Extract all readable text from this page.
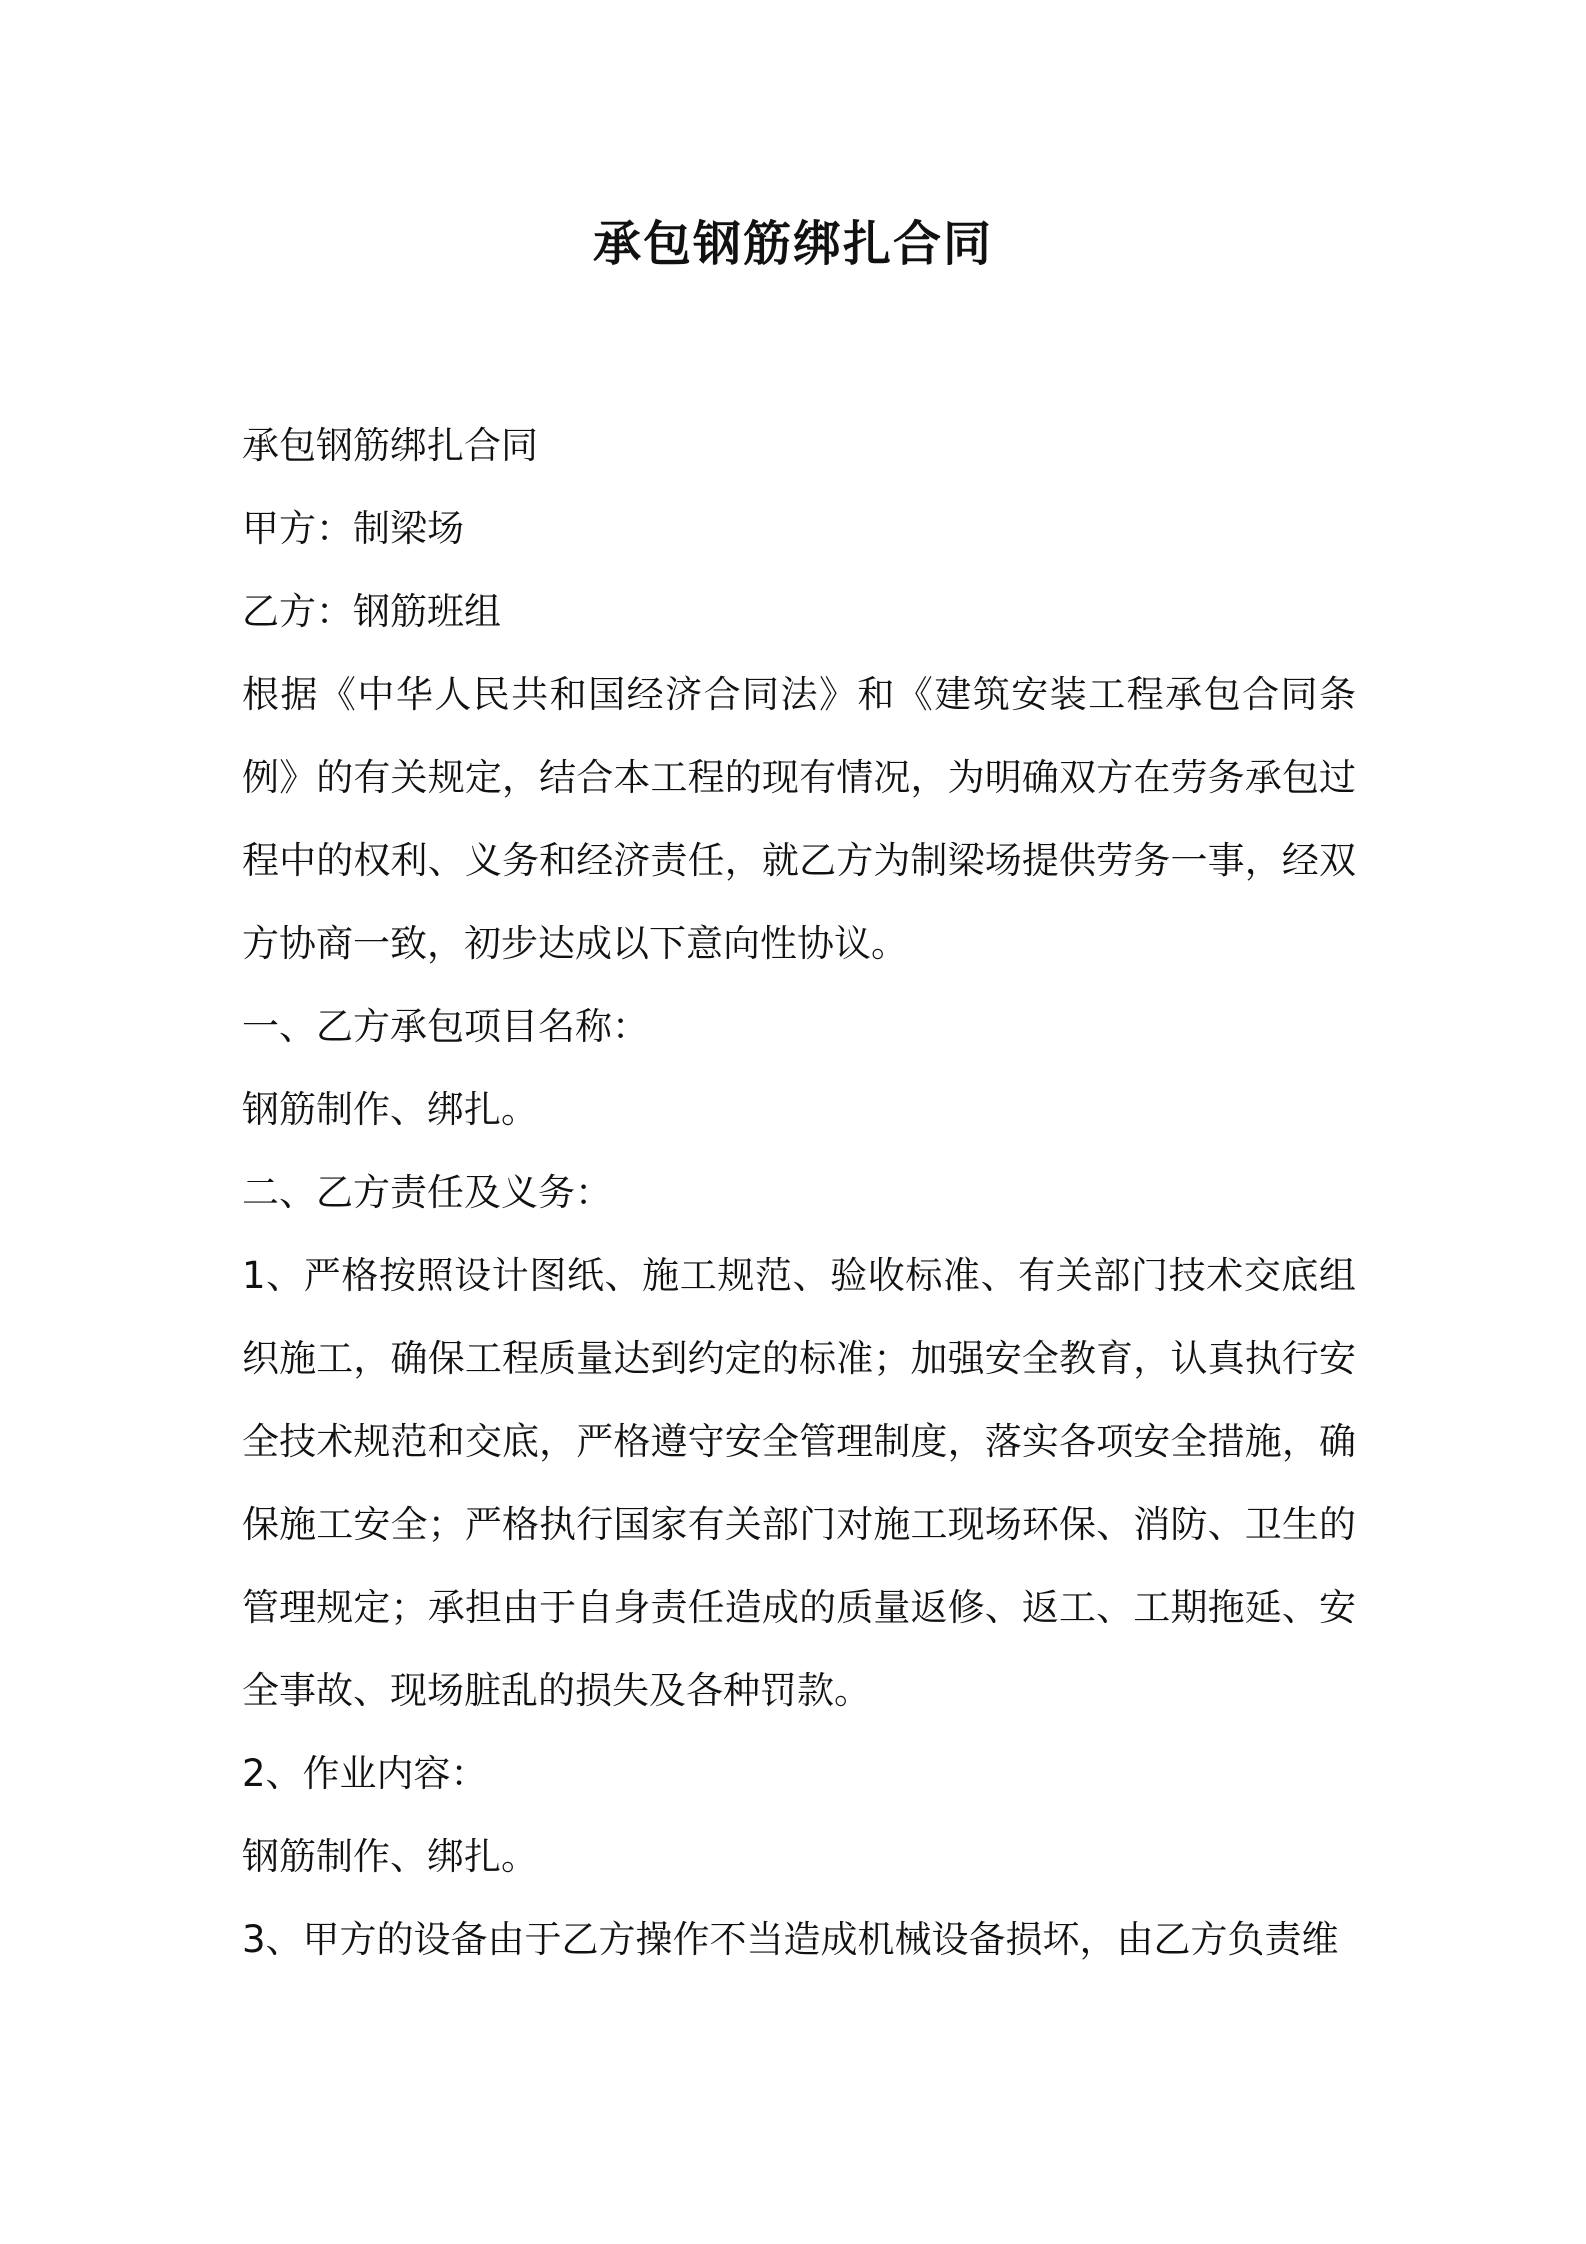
承包钢筋绑扎合同

承包钢筋绑扎合同

甲方：制梁场

乙方：钢筋班组

根据《中华人民共和国经济合同法》和《建筑安装工程承包合同条例》的有关规定，结合本工程的现有情况，为明确双方在劳务承包过程中的权利、义务和经济责任，就乙方为制梁场提供劳务一事，经双方协商一致，初步达成以下意向性协议。

一、乙方承包项目名称：

钢筋制作、绑扎。

二、乙方责任及义务：

1、严格按照设计图纸、施工规范、验收标准、有关部门技术交底组织施工，确保工程质量达到约定的标准；加强安全教育，认真执行安全技术规范和交底，严格遵守安全管理制度，落实各项安全措施，确保施工安全；严格执行国家有关部门对施工现场环保、消防、卫生的管理规定；承担由于自身责任造成的质量返修、返工、工期拖延、安全事故、现场脏乱的损失及各种罚款。

2、作业内容：

钢筋制作、绑扎。

3、甲方的设备由于乙方操作不当造成机械设备损坏，由乙方负责维
